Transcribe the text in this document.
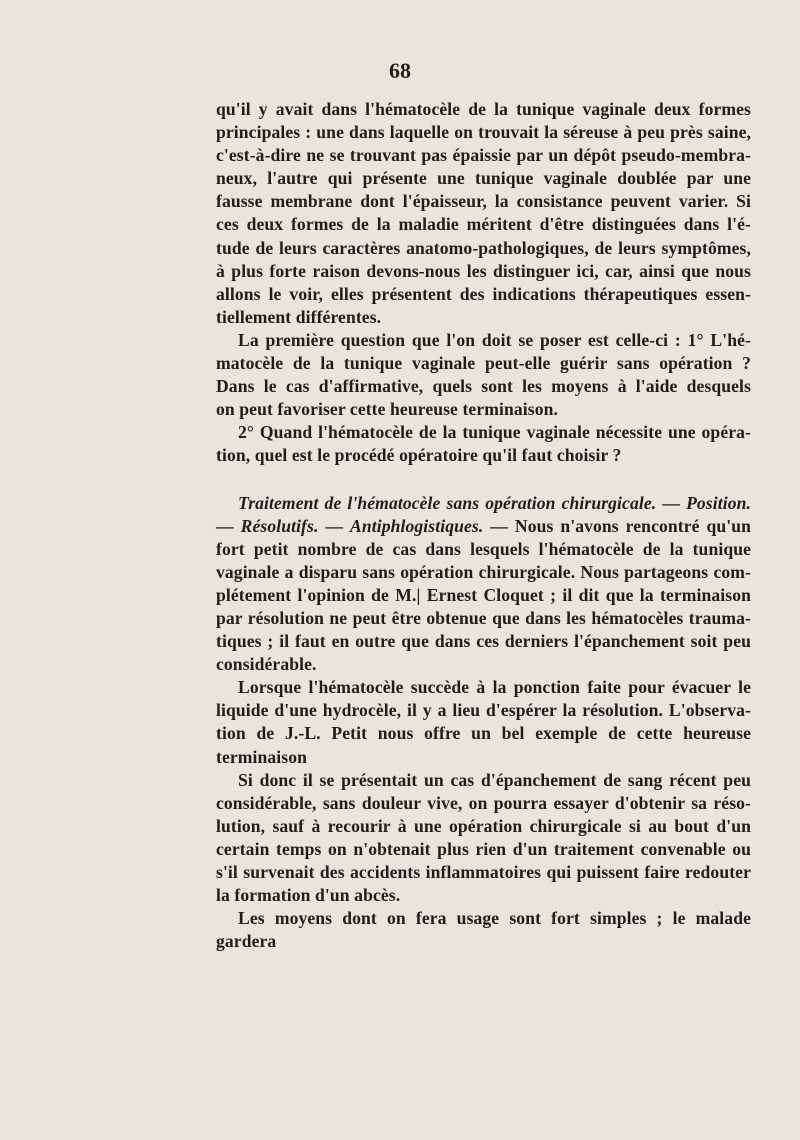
68

qu'il y avait dans l'hématocèle de la tunique vaginale deux formes

principales : une dans laquelle on trouvait la séreuse à peu près saine,

c'est-à-dire ne se trouvant pas épaissie par un dépôt pseudo-membra-

neux, l'autre qui présente une tunique vaginale doublée par une

fausse membrane dont l'épaisseur, la consistance peuvent varier. Si

ces deux formes de la maladie méritent d'être distinguées dans l'é-

tude de leurs caractères anatomo-pathologiques, de leurs symptômes,

à plus forte raison devons-nous les distinguer ici, car, ainsi que nous

allons le voir, elles présentent des indications thérapeutiques essen-

tiellement différentes.

La première question que l'on doit se poser est celle-ci : 1° L'hé-

matocèle de la tunique vaginale peut-elle guérir sans opération ?

Dans le cas d'affirmative, quels sont les moyens à l'aide desquels

on peut favoriser cette heureuse terminaison.

2° Quand l'hématocèle de la tunique vaginale nécessite une opéra-

tion, quel est le procédé opératoire qu'il faut choisir ?

Traitement de l'hématocèle sans opération chirurgicale. — Position.

— Résolutifs. — Antiphlogistiques. — Nous n'avons rencontré qu'un

fort petit nombre de cas dans lesquels l'hématocèle de la tunique

vaginale a disparu sans opération chirurgicale. Nous partageons com-

plétement l'opinion de M.| Ernest Cloquet ; il dit que la terminaison

par résolution ne peut être obtenue que dans les hématocèles trauma-

tiques ; il faut en outre que dans ces derniers l'épanchement soit peu

considérable.

Lorsque l'hématocèle succède à la ponction faite pour évacuer le

liquide d'une hydrocèle, il y a lieu d'espérer la résolution. L'observa-

tion de J.-L. Petit nous offre un bel exemple de cette heureuse

terminaison

Si donc il se présentait un cas d'épanchement de sang récent peu

considérable, sans douleur vive, on pourra essayer d'obtenir sa réso-

lution, sauf à recourir à une opération chirurgicale si au bout d'un

certain temps on n'obtenait plus rien d'un traitement convenable ou

s'il survenait des accidents inflammatoires qui puissent faire redouter

la formation d'un abcès.

Les moyens dont on fera usage sont fort simples ; le malade gardera
